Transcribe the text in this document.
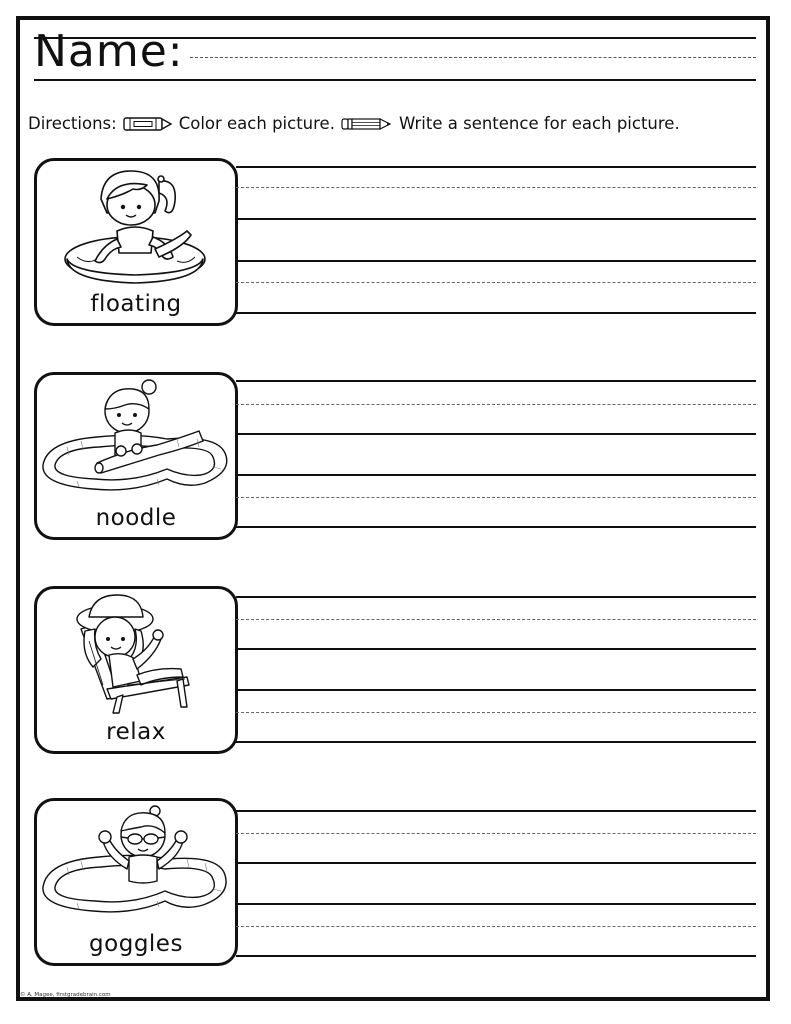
Name:
Directions:	Color each picture.	Write a sentence for each picture.
floating
noodle
relax
goggles
© A. Magee, firstgradebrain.com
